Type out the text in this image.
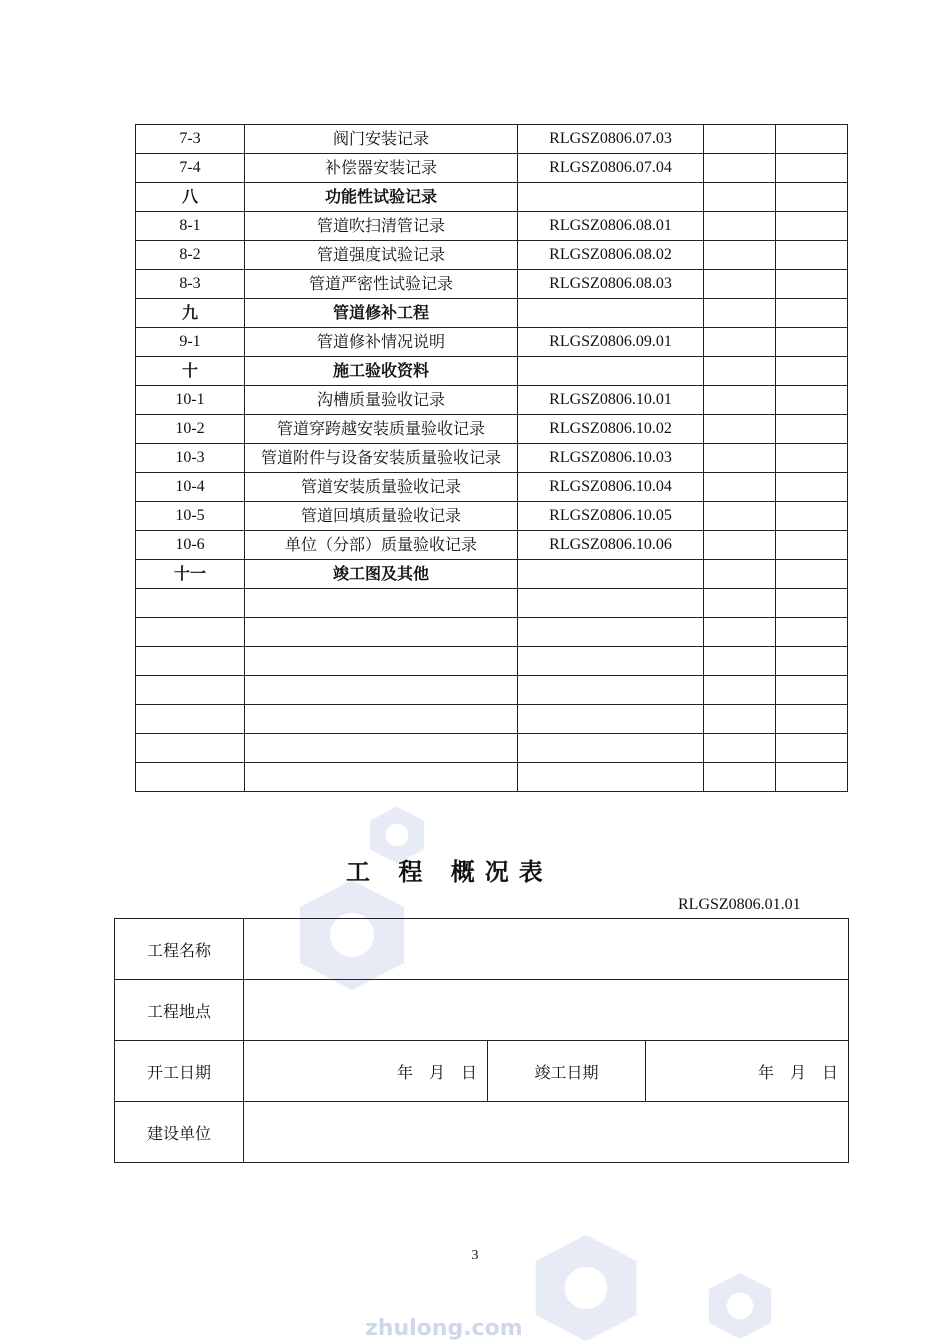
7-3	阀门安装记录	RLGSZ0806.07.03		
7-4	补偿器安装记录	RLGSZ0806.07.04		
八	功能性试验记录			
8-1	管道吹扫清管记录	RLGSZ0806.08.01		
8-2	管道强度试验记录	RLGSZ0806.08.02		
8-3	管道严密性试验记录	RLGSZ0806.08.03		
九	管道修补工程			
9-1	管道修补情况说明	RLGSZ0806.09.01		
十	施工验收资料			
10-1	沟槽质量验收记录	RLGSZ0806.10.01		
10-2	管道穿跨越安装质量验收记录	RLGSZ0806.10.02		
10-3	管道附件与设备安装质量验收记录	RLGSZ0806.10.03		
10-4	管道安装质量验收记录	RLGSZ0806.10.04		
10-5	管道回填质量验收记录	RLGSZ0806.10.05		
10-6	单位（分部）质量验收记录	RLGSZ0806.10.06		
十一	竣工图及其他			

工 程 概况表
RLGSZ0806.01.01
工程名称			
工程地点			
开工日期	年　月　日	竣工日期	年　月　日
建设单位			
3
zhulong.com
